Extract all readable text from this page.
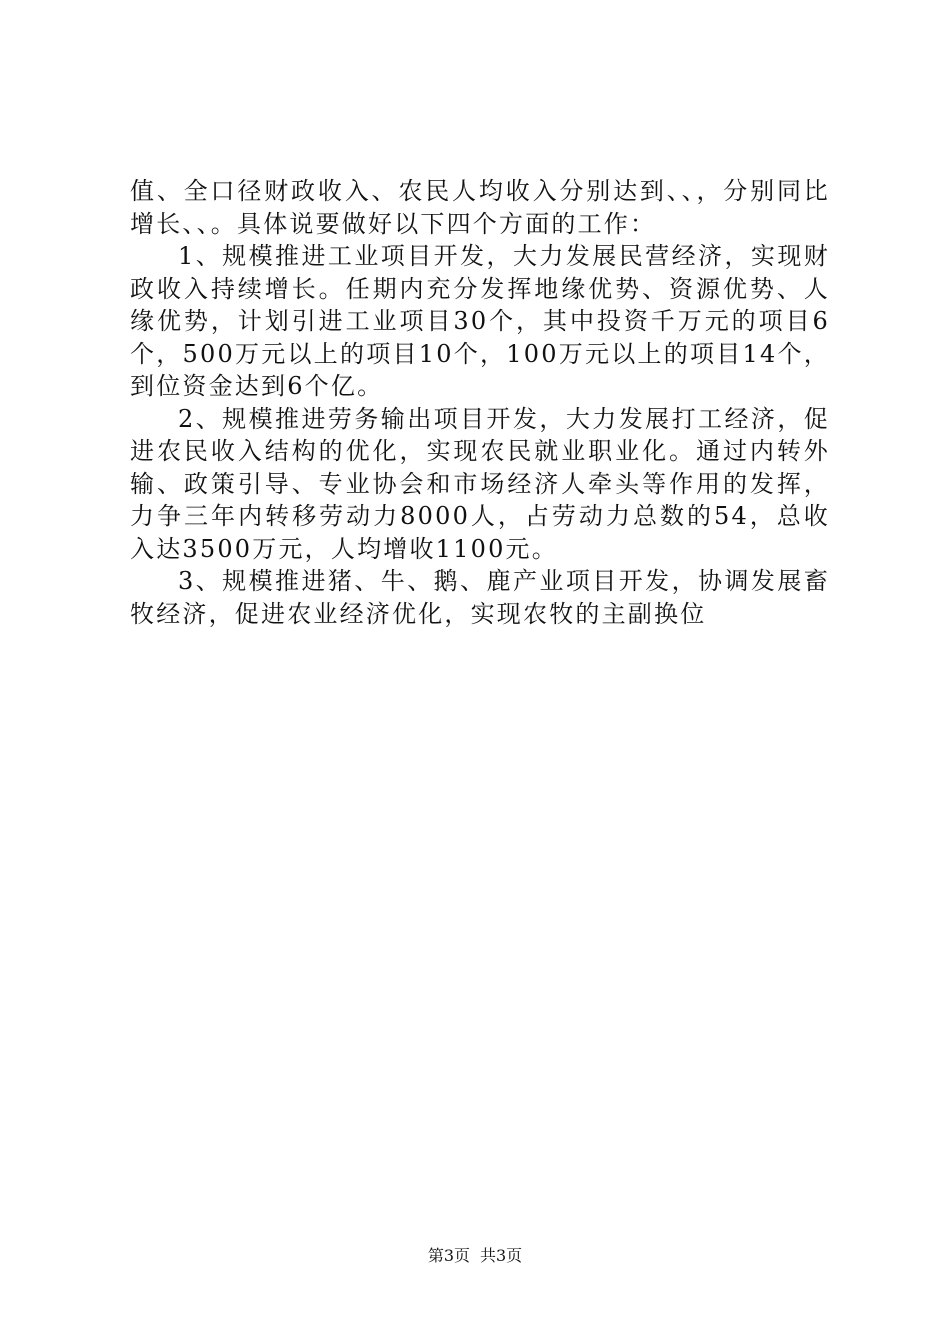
值、全口径财政收入、农民人均收入分别达到、、，分别同比增长、、。具体说要做好以下四个方面的工作：

1、规模推进工业项目开发，大力发展民营经济，实现财政收入持续增长。任期内充分发挥地缘优势、资源优势、人缘优势，计划引进工业项目30个，其中投资千万元的项目6个，500万元以上的项目10个，100万元以上的项目14个，到位资金达到6个亿。

2、规模推进劳务输出项目开发，大力发展打工经济，促进农民收入结构的优化，实现农民就业职业化。通过内转外输、政策引导、专业协会和市场经济人牵头等作用的发挥，力争三年内转移劳动力8000人，占劳动力总数的54，总收入达3500万元，人均增收1100元。

3、规模推进猪、牛、鹅、鹿产业项目开发，协调发展畜牧经济，促进农业经济优化，实现农牧的主副换位

第3页 共3页
